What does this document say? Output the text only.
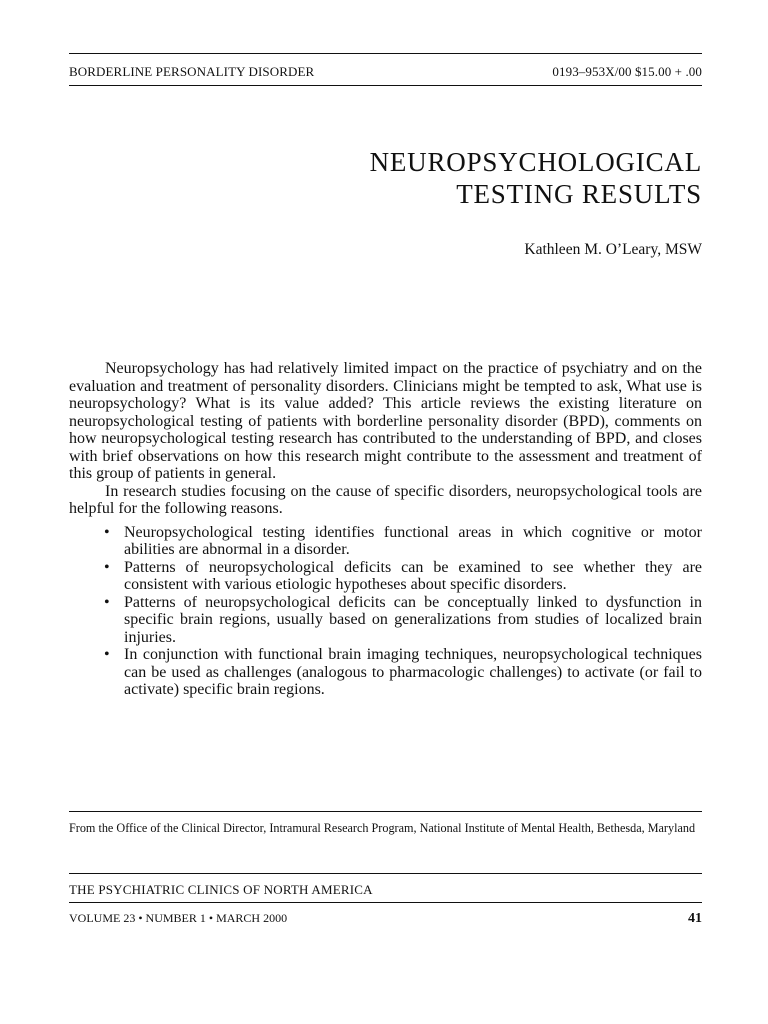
BORDERLINE PERSONALITY DISORDER	0193–953X/00 $15.00 + .00
NEUROPSYCHOLOGICAL
TESTING RESULTS
Kathleen M. O’Leary, MSW

Neuropsychology has had relatively limited impact on the practice of psychiatry and on the evaluation and treatment of personality disorders. Clinicians might be tempted to ask, What use is neuropsychology? What is its value added? This article reviews the existing literature on neuropsychological testing of patients with borderline personality disorder (BPD), comments on how neuropsychological testing research has contributed to the understanding of BPD, and closes with brief observations on how this research might contribute to the assessment and treatment of this group of patients in general.

In research studies focusing on the cause of specific disorders, neuropsychological tools are helpful for the following reasons.

• Neuropsychological testing identifies functional areas in which cognitive or motor abilities are abnormal in a disorder.
• Patterns of neuropsychological deficits can be examined to see whether they are consistent with various etiologic hypotheses about specific disorders.
• Patterns of neuropsychological deficits can be conceptually linked to dysfunction in specific brain regions, usually based on generalizations from studies of localized brain injuries.
• In conjunction with functional brain imaging techniques, neuropsychological techniques can be used as challenges (analogous to pharmacologic challenges) to activate (or fail to activate) specific brain regions.
From the Office of the Clinical Director, Intramural Research Program, National Institute of Mental Health, Bethesda, Maryland
THE PSYCHIATRIC CLINICS OF NORTH AMERICA
VOLUME 23 • NUMBER 1 • MARCH 2000	41
